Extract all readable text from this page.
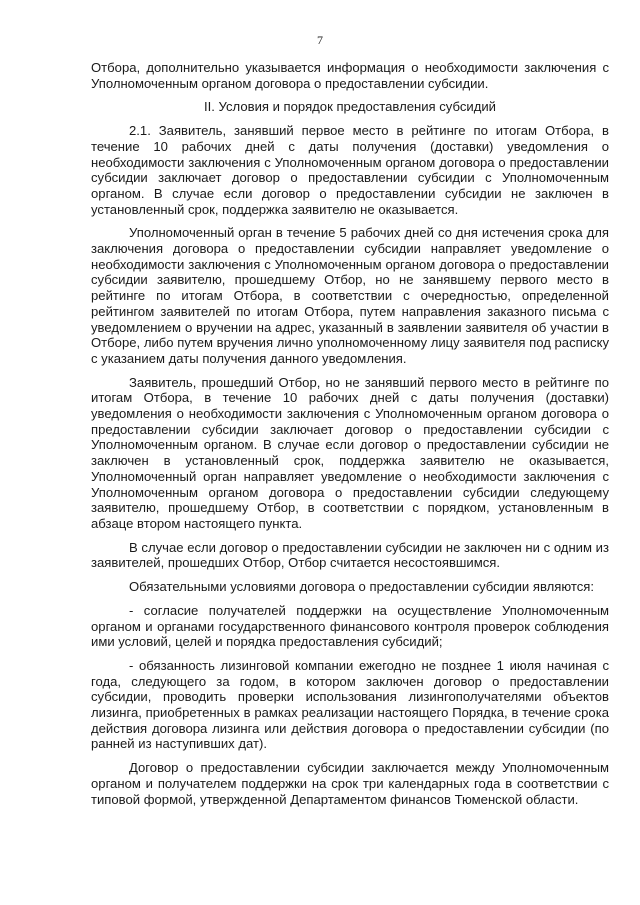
7

Отбора, дополнительно указывается информация о необходимости заключения с Уполномоченным органом договора о предоставлении субсидии.

II. Условия и порядок предоставления субсидий

2.1. Заявитель, занявший первое место в рейтинге по итогам Отбора, в течение 10 рабочих дней с даты получения (доставки) уведомления о необходимости заключения с Уполномоченным органом договора о предоставлении субсидии заключает договор о предоставлении субсидии с Уполномоченным органом. В случае если договор о предоставлении субсидии не заключен в установленный срок, поддержка заявителю не оказывается.

Уполномоченный орган в течение 5 рабочих дней со дня истечения срока для заключения договора о предоставлении субсидии направляет уведомление о необходимости заключения с Уполномоченным органом договора о предоставлении субсидии заявителю, прошедшему Отбор, но не занявшему первого место в рейтинге по итогам Отбора, в соответствии с очередностью, определенной рейтингом заявителей по итогам Отбора, путем направления заказного письма с уведомлением о вручении на адрес, указанный в заявлении заявителя об участии в Отборе, либо путем вручения лично уполномоченному лицу заявителя под расписку с указанием даты получения данного уведомления.

Заявитель, прошедший Отбор, но не занявший первого место в рейтинге по итогам Отбора, в течение 10 рабочих дней с даты получения (доставки) уведомления о необходимости заключения с Уполномоченным органом договора о предоставлении субсидии заключает договор о предоставлении субсидии с Уполномоченным органом. В случае если договор о предоставлении субсидии не заключен в установленный срок, поддержка заявителю не оказывается, Уполномоченный орган направляет уведомление о необходимости заключения с Уполномоченным органом договора о предоставлении субсидии следующему заявителю, прошедшему Отбор, в соответствии с порядком, установленным в абзаце втором настоящего пункта.

В случае если договор о предоставлении субсидии не заключен ни с одним из заявителей, прошедших Отбор, Отбор считается несостоявшимся.

Обязательными условиями договора о предоставлении субсидии являются:

- согласие получателей поддержки на осуществление Уполномоченным органом и органами государственного финансового контроля проверок соблюдения ими условий, целей и порядка предоставления субсидий;

- обязанность лизинговой компании ежегодно не позднее 1 июля начиная с года, следующего за годом, в котором заключен договор о предоставлении субсидии, проводить проверки использования лизингополучателями объектов лизинга, приобретенных в рамках реализации настоящего Порядка, в течение срока действия договора лизинга или действия договора о предоставлении субсидии (по ранней из наступивших дат).

Договор о предоставлении субсидии заключается между Уполномоченным органом и получателем поддержки на срок три календарных года в соответствии с типовой формой, утвержденной Департаментом финансов Тюменской области.
